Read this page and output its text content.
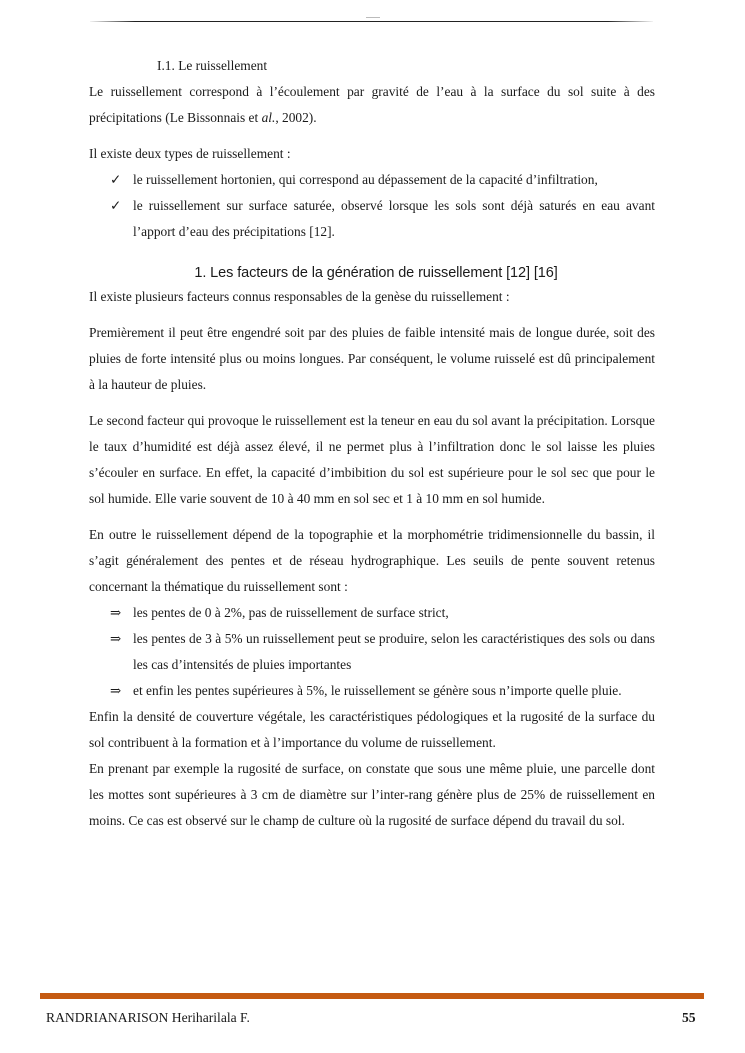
I.1. Le ruissellement

Le ruissellement correspond à l’écoulement par gravité de l’eau à la surface du sol suite à des précipitations (Le Bissonnais et al., 2002).

Il existe deux types de ruissellement :

✓ le ruissellement hortonien, qui correspond au dépassement de la capacité d’infiltration,
✓ le ruissellement sur surface saturée, observé lorsque les sols sont déjà saturés en eau avant l’apport d’eau des précipitations [12].

1. Les facteurs de la génération de ruissellement [12] [16]

Il existe plusieurs facteurs connus responsables de la genèse du ruissellement :

Premièrement il peut être engendré soit par des pluies de faible intensité mais de longue durée, soit des pluies de forte intensité plus ou moins longues. Par conséquent, le volume ruisselé est dû principalement à la hauteur de pluies.

Le second facteur qui provoque le ruissellement est la teneur en eau du sol avant la précipitation. Lorsque le taux d’humidité est déjà assez élevé, il ne permet plus à l’infiltration donc le sol laisse les pluies s’écouler en surface. En effet, la capacité d’imbibition du sol est supérieure pour le sol sec que pour le sol humide. Elle varie souvent de 10 à 40 mm en sol sec et 1 à 10 mm en sol humide.

En outre le ruissellement dépend de la topographie et la morphométrie tridimensionnelle du bassin, il s’agit généralement des pentes et de réseau hydrographique. Les seuils de pente souvent retenus concernant la thématique du ruissellement sont :

⇒ les pentes de 0 à 2%, pas de ruissellement de surface strict,
⇒ les pentes de 3 à 5% un ruissellement peut se produire, selon les caractéristiques des sols ou dans les cas d’intensités de pluies importantes
⇒ et enfin les pentes supérieures à 5%, le ruissellement se génère sous n’importe quelle pluie.

Enfin la densité de couverture végétale, les caractéristiques pédologiques et la rugosité de la surface du sol contribuent à la formation et à l’importance du volume de ruissellement.

En prenant par exemple la rugosité de surface, on constate que sous une même pluie, une parcelle dont les mottes sont supérieures à 3 cm de diamètre sur l’inter-rang génère plus de 25% de ruissellement en moins. Ce cas est observé sur le champ de culture où la rugosité de surface dépend du travail du sol.

RANDRIANARISON Heriharilala F.	55
